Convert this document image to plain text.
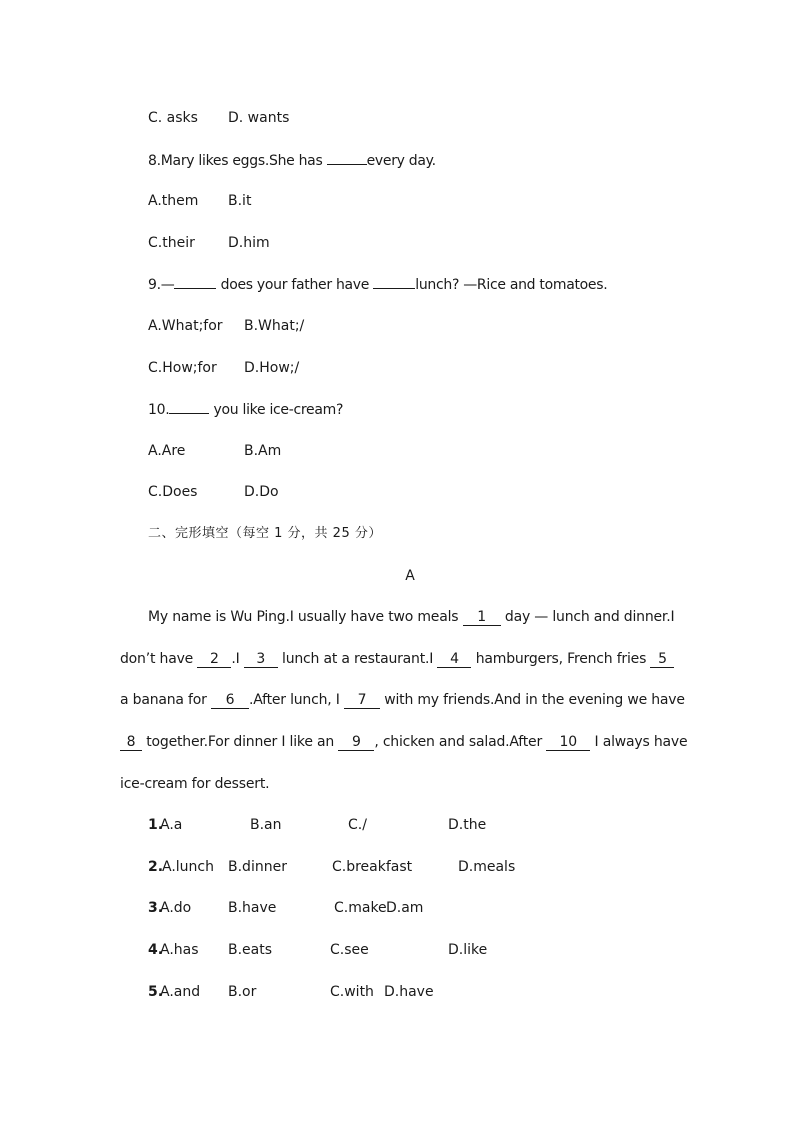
C. asks D. wants
8.Mary likes eggs.She has	every day.
A.them B.it
C.their D.him
9.—	does your father have	lunch? —Rice and tomatoes.
A.What;for B.What;/
C.How;for D.How;/
10.	you like ice-cream?
A.Are	B.Am
C.Does	D.Do
二、完形填空（每空 1 分，共 25 分）
A
My name is Wu Ping.I usually have two meals 1 day — lunch and dinner.I
don’t have 2 .I 3 lunch at a restaurant.I 4 hamburgers, French fries 5
a banana for 6 .After lunch, I 7 with my friends.And in the evening we have
8 together.For dinner I like an 9 , chicken and salad.After 10 I always have
ice-cream for dessert.
1.
A.a	B.an	C./	D.the
2.
A.lunch B.dinner	C.breakfast	D.meals
3.
A.do	B.have	C.make D.am
4.
A.has B.eats	C.see	D.like
5.
A.and B.or	C.with D.have
